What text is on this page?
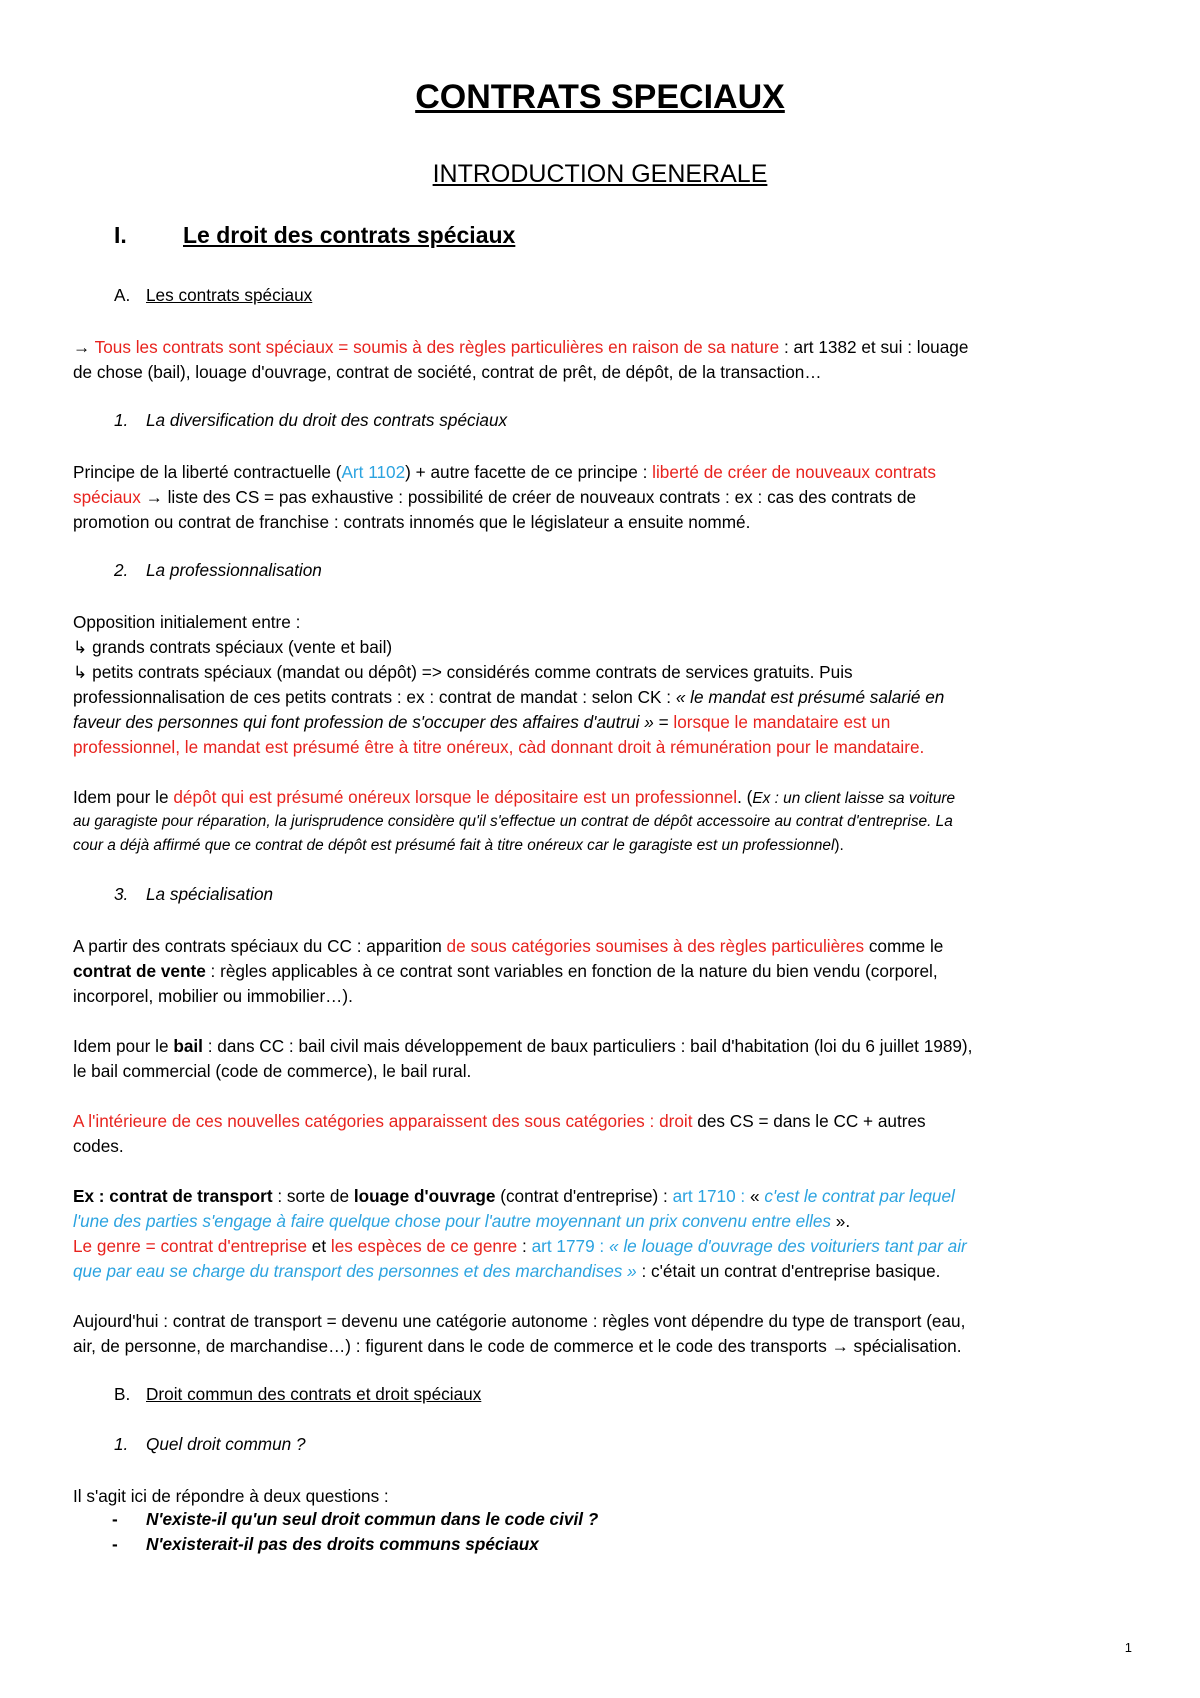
CONTRATS SPECIAUX
INTRODUCTION GENERALE
I. Le droit des contrats spéciaux
A. Les contrats spéciaux
→ Tous les contrats sont spéciaux = soumis à des règles particulières en raison de sa nature : art 1382 et sui : louage
de chose (bail), louage d'ouvrage, contrat de société, contrat de prêt, de dépôt, de la transaction…
1. La diversification du droit des contrats spéciaux
Principe de la liberté contractuelle (Art 1102) + autre facette de ce principe : liberté de créer de nouveaux contrats
spéciaux → liste des CS = pas exhaustive : possibilité de créer de nouveaux contrats : ex : cas des contrats de
promotion ou contrat de franchise : contrats innomés que le législateur a ensuite nommé.
2. La professionnalisation
Opposition initialement entre :
↳ grands contrats spéciaux (vente et bail)
↳ petits contrats spéciaux (mandat ou dépôt) => considérés comme contrats de services gratuits. Puis
professionnalisation de ces petits contrats : ex : contrat de mandat : selon CK : « le mandat est présumé salarié en
faveur des personnes qui font profession de s'occuper des affaires d'autrui » = lorsque le mandataire est un
professionnel, le mandat est présumé être à titre onéreux, càd donnant droit à rémunération pour le mandataire.
Idem pour le dépôt qui est présumé onéreux lorsque le dépositaire est un professionnel. (Ex : un client laisse sa voiture
au garagiste pour réparation, la jurisprudence considère qu'il s'effectue un contrat de dépôt accessoire au contrat d'entreprise. La
cour a déjà affirmé que ce contrat de dépôt est présumé fait à titre onéreux car le garagiste est un professionnel).
3. La spécialisation
A partir des contrats spéciaux du CC : apparition de sous catégories soumises à des règles particulières comme le
contrat de vente : règles applicables à ce contrat sont variables en fonction de la nature du bien vendu (corporel,
incorporel, mobilier ou immobilier…).
Idem pour le bail : dans CC : bail civil mais développement de baux particuliers : bail d'habitation (loi du 6 juillet 1989),
le bail commercial (code de commerce), le bail rural.
A l'intérieure de ces nouvelles catégories apparaissent des sous catégories : droit des CS = dans le CC + autres
codes.
Ex : contrat de transport : sorte de louage d'ouvrage (contrat d'entreprise) : art 1710 : « c'est le contrat par lequel
l'une des parties s'engage à faire quelque chose pour l'autre moyennant un prix convenu entre elles ».
Le genre = contrat d'entreprise et les espèces de ce genre : art 1779 : « le louage d'ouvrage des voituriers tant par air
que par eau se charge du transport des personnes et des marchandises » : c'était un contrat d'entreprise basique.
Aujourd'hui : contrat de transport = devenu une catégorie autonome : règles vont dépendre du type de transport (eau,
air, de personne, de marchandise…) : figurent dans le code de commerce et le code des transports → spécialisation.
B. Droit commun des contrats et droit spéciaux
1. Quel droit commun ?
Il s'agit ici de répondre à deux questions :
- N'existe-il qu'un seul droit commun dans le code civil ?
- N'existerait-il pas des droits communs spéciaux
1
